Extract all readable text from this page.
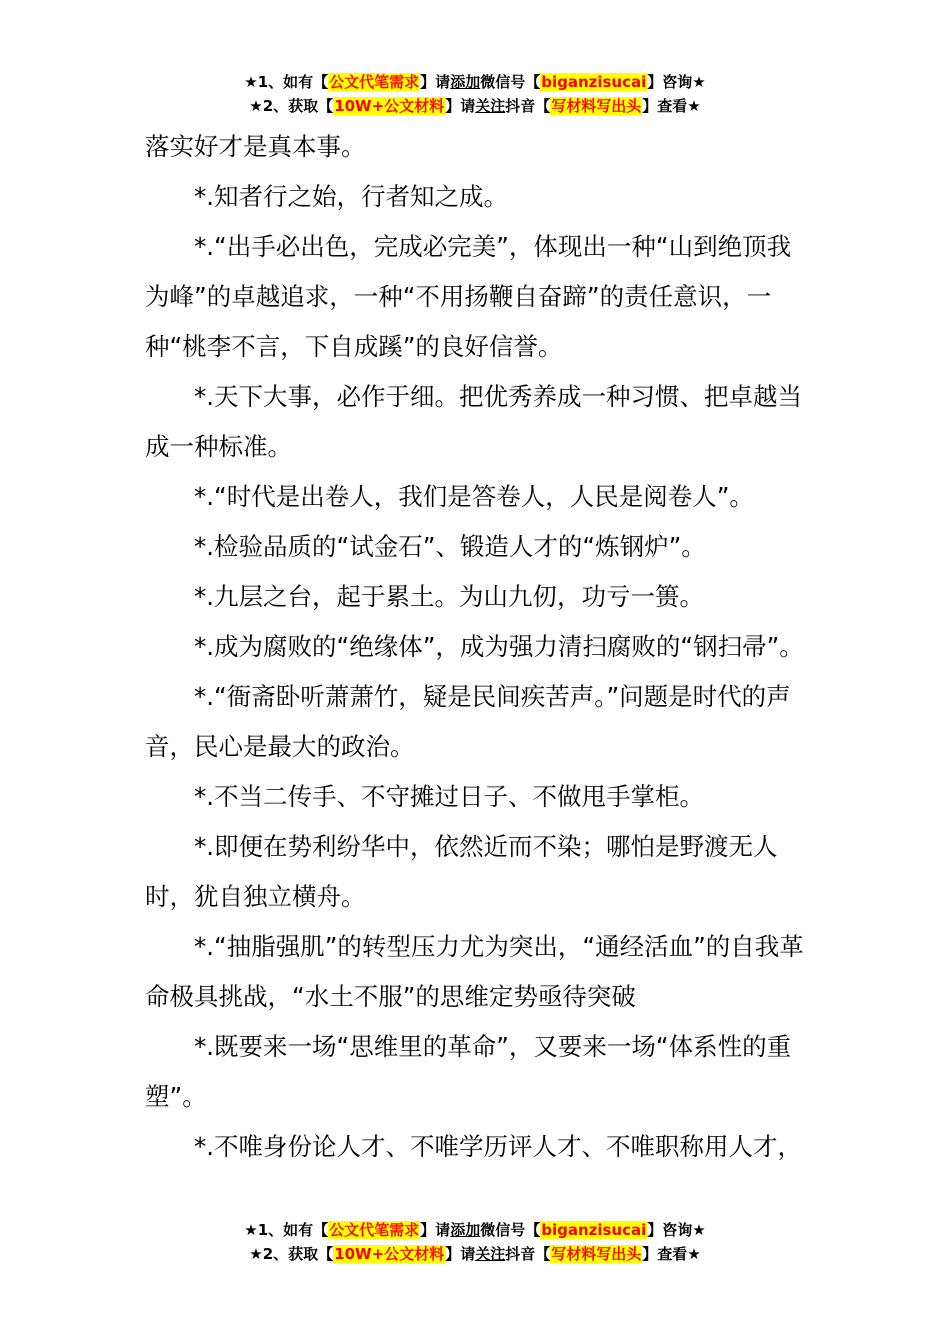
★1、如有【公文代笔需求】请添加微信号【biganzisucai】咨询★
★2、获取【10W+公文材料】请关注抖音【写材料写出头】查看★

落实好才是真本事。

*.知者行之始，行者知之成。

*.“出手必出色，完成必完美”，体现出一种“山到绝顶我为峰”的卓越追求，一种“不用扬鞭自奋蹄”的责任意识，一种“桃李不言，下自成蹊”的良好信誉。

*.天下大事，必作于细。把优秀养成一种习惯、把卓越当成一种标准。

*.“时代是出卷人，我们是答卷人，人民是阅卷人”。

*.检验品质的“试金石”、锻造人才的“炼钢炉”。

*.九层之台，起于累土。为山九仞，功亏一篑。

*.成为腐败的“绝缘体”，成为强力清扫腐败的“钢扫帚”。

*.“衙斋卧听萧萧竹，疑是民间疾苦声。”问题是时代的声音，民心是最大的政治。

*.不当二传手、不守摊过日子、不做甩手掌柜。

*.即便在势利纷华中，依然近而不染；哪怕是野渡无人时，犹自独立横舟。

*.“抽脂强肌”的转型压力尤为突出，“通经活血”的自我革命极具挑战，“水土不服”的思维定势亟待突破

*.既要来一场“思维里的革命”，又要来一场“体系性的重塑”。

*.不唯身份论人才、不唯学历评人才、不唯职称用人才，

★1、如有【公文代笔需求】请添加微信号【biganzisucai】咨询★
★2、获取【10W+公文材料】请关注抖音【写材料写出头】查看★
